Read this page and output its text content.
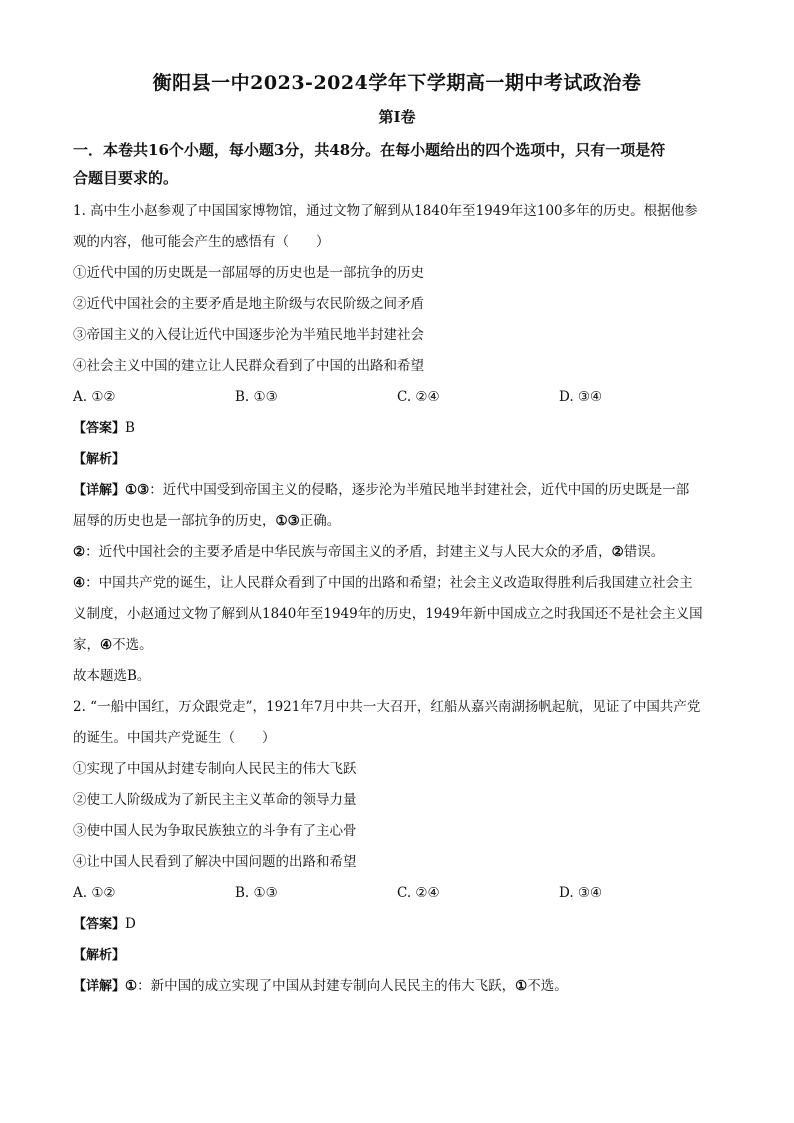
衡阳县一中2023-2024学年下学期高一期中考试政治卷
第Ⅰ卷
一．本卷共16个小题，每小题3分，共48分。在每小题给出的四个选项中，只有一项是符
合题目要求的。
1. 高中生小赵参观了中国国家博物馆，通过文物了解到从1840年至1949年这100多年的历史。根据他参
观的内容，他可能会产生的感悟有（　　）
①近代中国的历史既是一部屈辱的历史也是一部抗争的历史
②近代中国社会的主要矛盾是地主阶级与农民阶级之间矛盾
③帝国主义的入侵让近代中国逐步沦为半殖民地半封建社会
④社会主义中国的建立让人民群众看到了中国的出路和希望
A. ①②	B. ①③	C. ②④	D. ③④
【答案】B
【解析】
【详解】①③：近代中国受到帝国主义的侵略，逐步沦为半殖民地半封建社会，近代中国的历史既是一部
屈辱的历史也是一部抗争的历史，①③正确。
②：近代中国社会的主要矛盾是中华民族与帝国主义的矛盾，封建主义与人民大众的矛盾，②错误。
④：中国共产党的诞生，让人民群众看到了中国的出路和希望；社会主义改造取得胜利后我国建立社会主
义制度，小赵通过文物了解到从1840年至1949年的历史，1949年新中国成立之时我国还不是社会主义国
家，④不选。
故本题选B。
2. “一船中国红，万众跟党走”，1921年7月中共一大召开，红船从嘉兴南湖扬帆起航，见证了中国共产党
的诞生。中国共产党诞生（　　）
①实现了中国从封建专制向人民民主的伟大飞跃
②使工人阶级成为了新民主主义革命的领导力量
③使中国人民为争取民族独立的斗争有了主心骨
④让中国人民看到了解决中国问题的出路和希望
A. ①②	B. ①③	C. ②④	D. ③④
【答案】D
【解析】
【详解】①：新中国的成立实现了中国从封建专制向人民民主的伟大飞跃，①不选。
